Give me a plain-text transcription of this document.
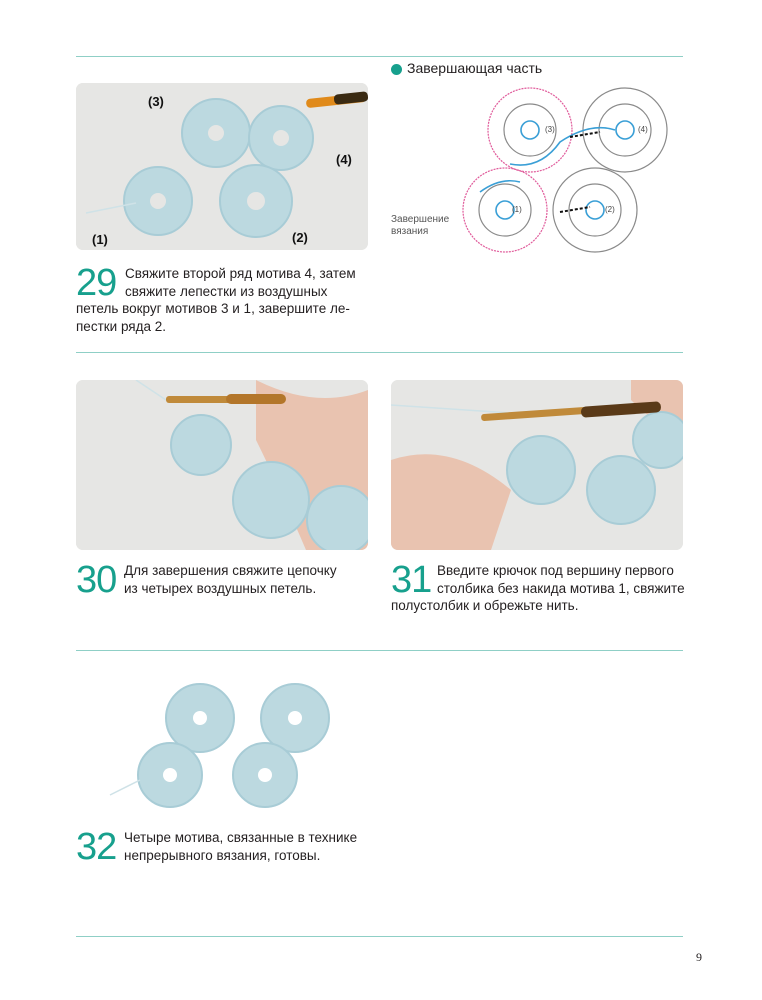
(3)
(4)
(1)	(2)
Завершающая часть
Завершение вязания
(3)	(4)
(1)	(2)
29 Свяжите второй ряд мотива 4, затем
свяжите лепестки из воздушных
петель вокруг мотивов 3 и 1, завершите ле-
пестки ряда 2.
30 Для завершения свяжите цепочку
из четырех воздушных петель.	31 Введите крючок под вершину первого
столбика без накида мотива 1, свяжите
полустолбик и обрежьте нить.
32 Четыре мотива, связанные в технике
непрерывного вязания, готовы.
9
